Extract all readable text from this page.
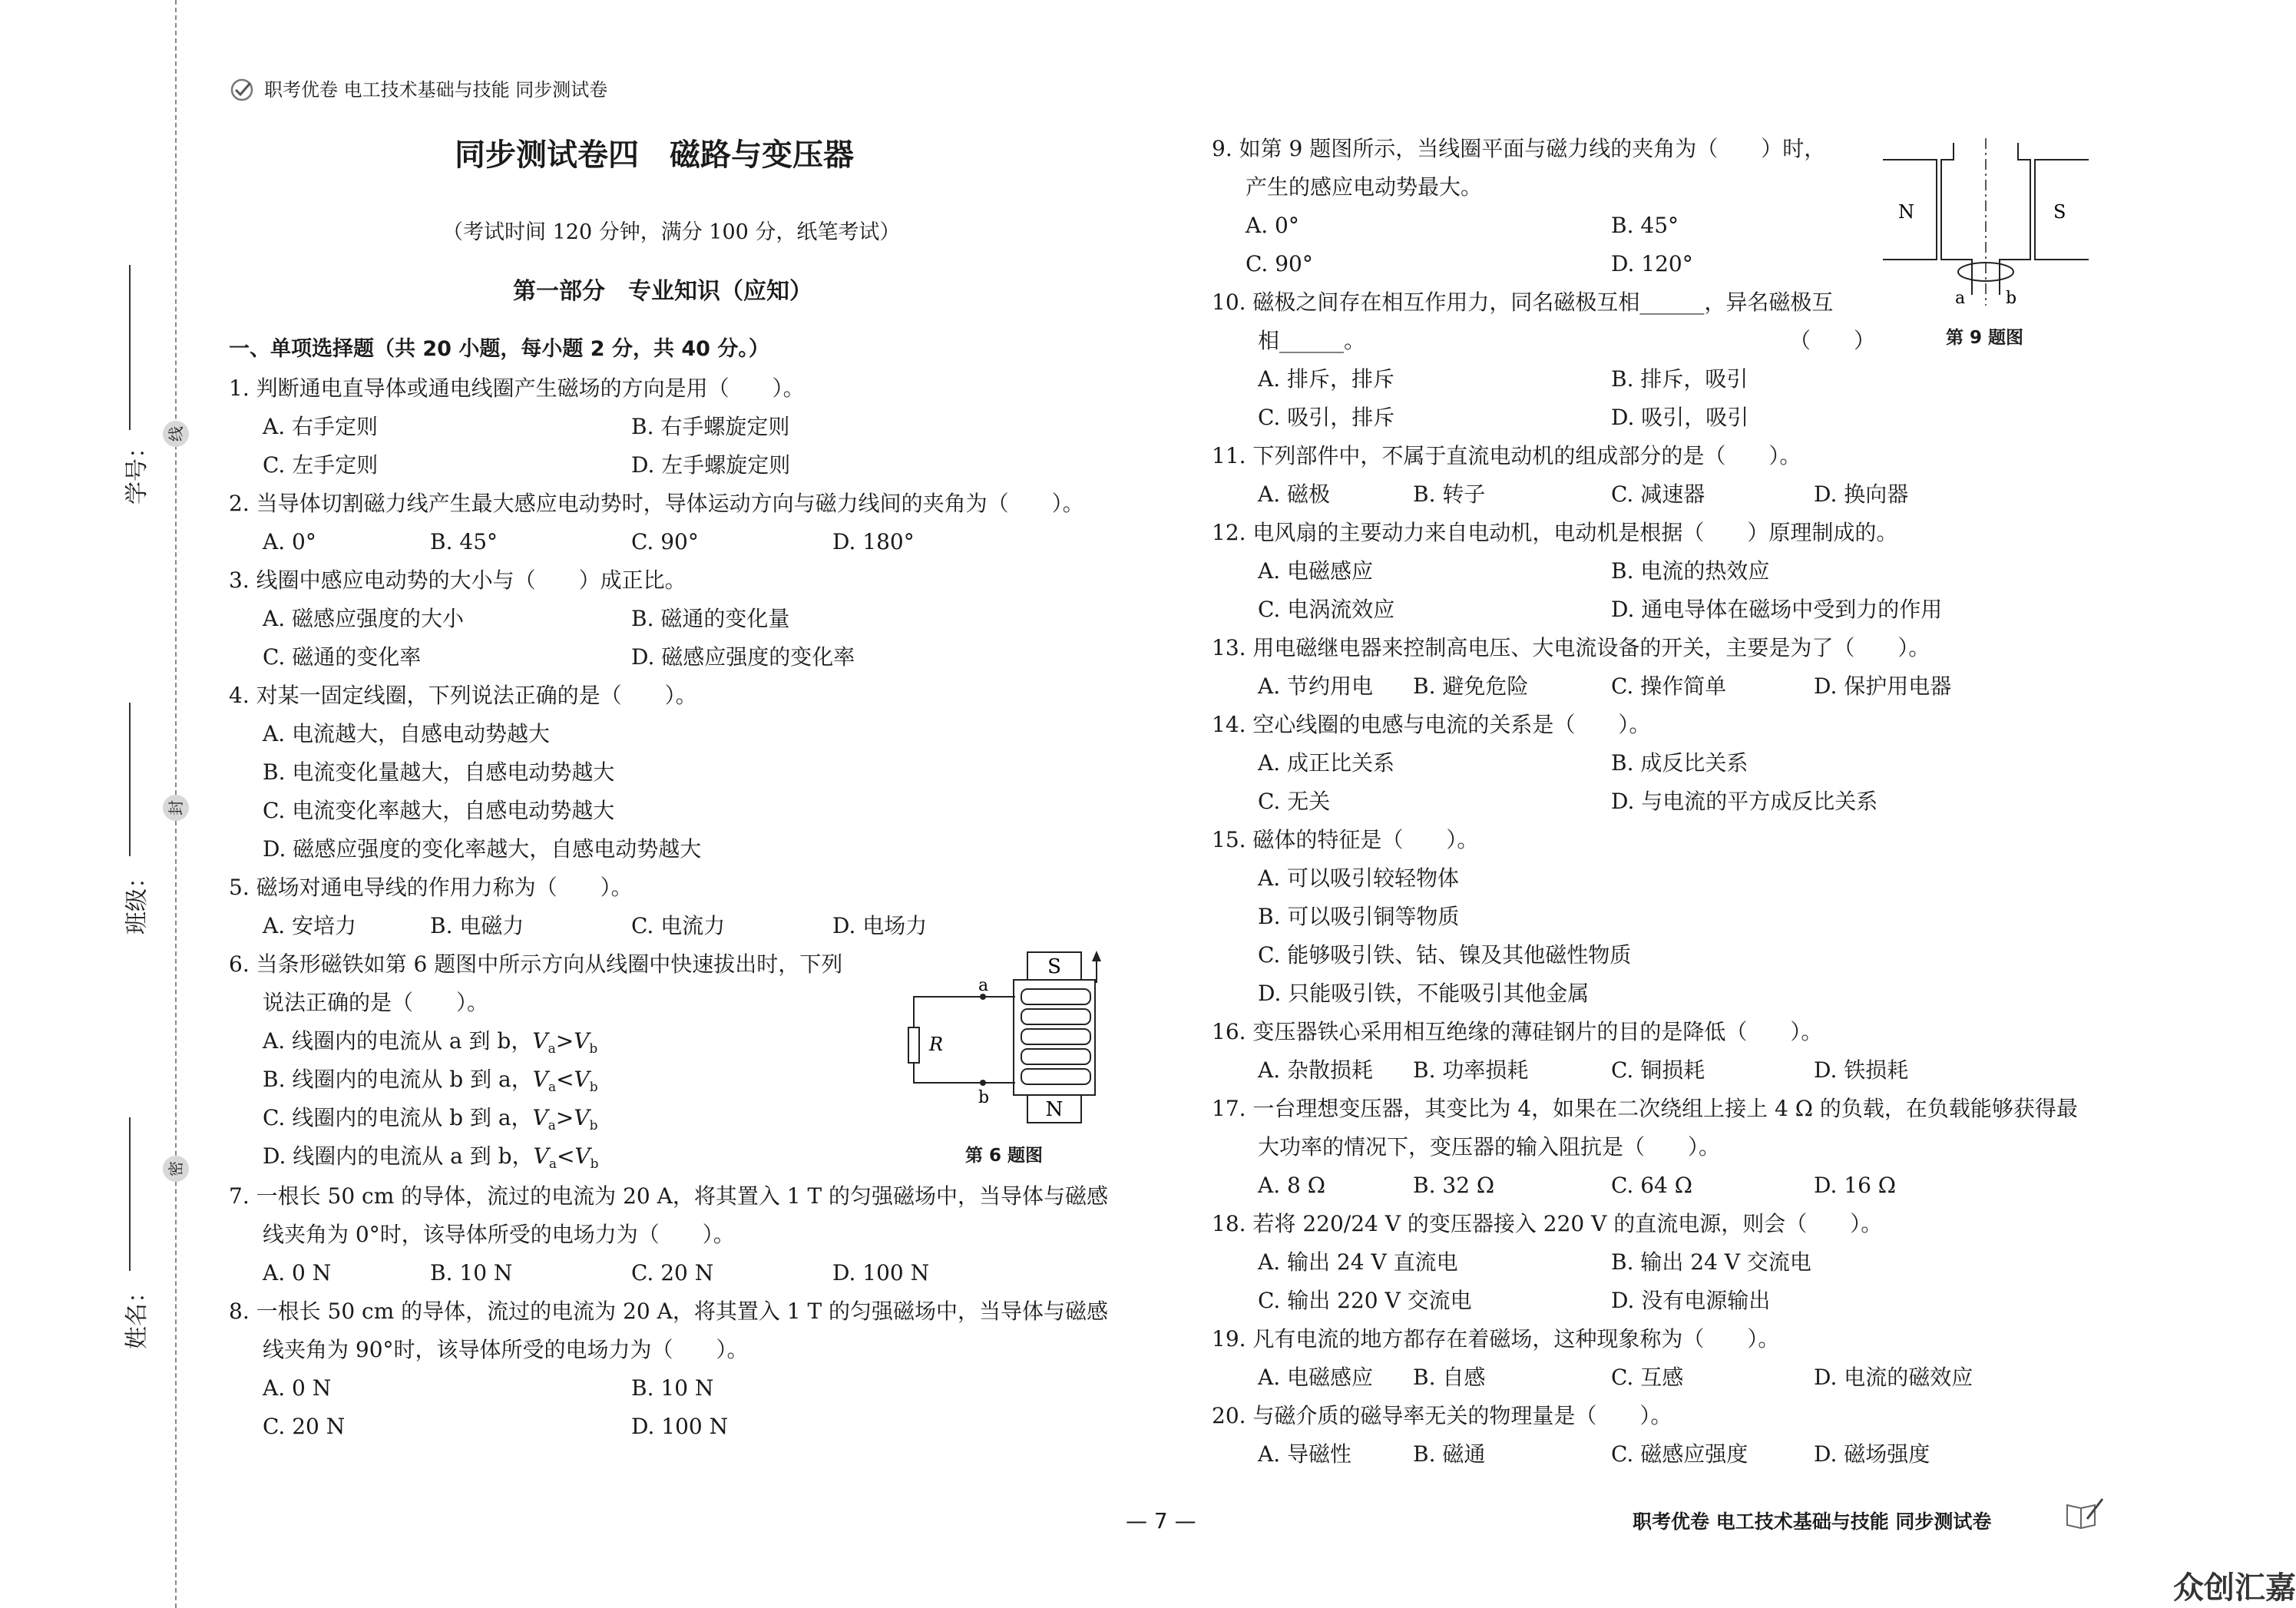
学号：
线
班级：
封
姓名：
密
职考优卷 电工技术基础与技能 同步测试卷
同步测试卷四　磁路与变压器
（考试时间 120 分钟，满分 100 分，纸笔考试）
第一部分　专业知识（应知）
一、单项选择题（共 20 小题，每小题 2 分，共 40 分。）
1. 判断通电直导体或通电线圈产生磁场的方向是用（　　）。
A. 右手定则	B. 右手螺旋定则
C. 左手定则	D. 左手螺旋定则
2. 当导体切割磁力线产生最大感应电动势时，导体运动方向与磁力线间的夹角为（　　）。
A. 0°	B. 45°	C. 90°	D. 180°
3. 线圈中感应电动势的大小与（　　）成正比。
A. 磁感应强度的大小	B. 磁通的变化量
C. 磁通的变化率	D. 磁感应强度的变化率
4. 对某一固定线圈，下列说法正确的是（　　）。
A. 电流越大，自感电动势越大
B. 电流变化量越大，自感电动势越大
C. 电流变化率越大，自感电动势越大
D. 磁感应强度的变化率越大，自感电动势越大
5. 磁场对通电导线的作用力称为（　　）。
A. 安培力	B. 电磁力	C. 电流力	D. 电场力
6. 当条形磁铁如第 6 题图中所示方向从线圈中快速拔出时，下列
说法正确的是（　　）。
A. 线圈内的电流从 a 到 b，$V_a>V_b$
B. 线圈内的电流从 b 到 a，$V_a<V_b$
C. 线圈内的电流从 b 到 a，$V_a>V_b$
D. 线圈内的电流从 a 到 b，$V_a<V_b$
S
N
R
a
b
第 6 题图
7. 一根长 50 cm 的导体，流过的电流为 20 A，将其置入 1 T 的匀强磁场中，当导体与磁感
线夹角为 0°时，该导体所受的电场力为（　　）。
A. 0 N	B. 10 N	C. 20 N	D. 100 N
8. 一根长 50 cm 的导体，流过的电流为 20 A，将其置入 1 T 的匀强磁场中，当导体与磁感
线夹角为 90°时，该导体所受的电场力为（　　）。
A. 0 N	B. 10 N
C. 20 N	D. 100 N
9. 如第 9 题图所示，当线圈平面与磁力线的夹角为（　　）时，
产生的感应电动势最大。
A. 0°	B. 45°
C. 90°	D. 120°
N	S
a b
第 9 题图
10. 磁极之间存在相互作用力，同名磁极互相______，异名磁极互
相______。	（　　）
A. 排斥，排斥	B. 排斥，吸引
C. 吸引，排斥	D. 吸引，吸引
11. 下列部件中，不属于直流电动机的组成部分的是（　　）。
A. 磁极	B. 转子	C. 减速器	D. 换向器
12. 电风扇的主要动力来自电动机，电动机是根据（　　）原理制成的。
A. 电磁感应	B. 电流的热效应
C. 电涡流效应	D. 通电导体在磁场中受到力的作用
13. 用电磁继电器来控制高电压、大电流设备的开关，主要是为了（　　）。
A. 节约用电 B. 避免危险	C. 操作简单	D. 保护用电器
14. 空心线圈的电感与电流的关系是（　　）。
A. 成正比关系	B. 成反比关系
C. 无关	D. 与电流的平方成反比关系
15. 磁体的特征是（　　）。
A. 可以吸引较轻物体
B. 可以吸引铜等物质
C. 能够吸引铁、钴、镍及其他磁性物质
D. 只能吸引铁，不能吸引其他金属
16. 变压器铁心采用相互绝缘的薄硅钢片的目的是降低（　　）。
A. 杂散损耗 B. 功率损耗	C. 铜损耗	D. 铁损耗
17. 一台理想变压器，其变比为 4，如果在二次绕组上接上 4 Ω 的负载，在负载能够获得最
大功率的情况下，变压器的输入阻抗是（　　）。
A. 8 Ω	B. 32 Ω	C. 64 Ω	D. 16 Ω
18. 若将 220/24 V 的变压器接入 220 V 的直流电源，则会（　　）。
A. 输出 24 V 直流电	B. 输出 24 V 交流电
C. 输出 220 V 交流电	D. 没有电源输出
19. 凡有电流的地方都存在着磁场，这种现象称为（　　）。
A. 电磁感应 B. 自感	C. 互感	D. 电流的磁效应
20. 与磁介质的磁导率无关的物理量是（　　）。
A. 导磁性	B. 磁通	C. 磁感应强度	D. 磁场强度
— 7 —	职考优卷 电工技术基础与技能 同步测试卷
众创汇嘉
